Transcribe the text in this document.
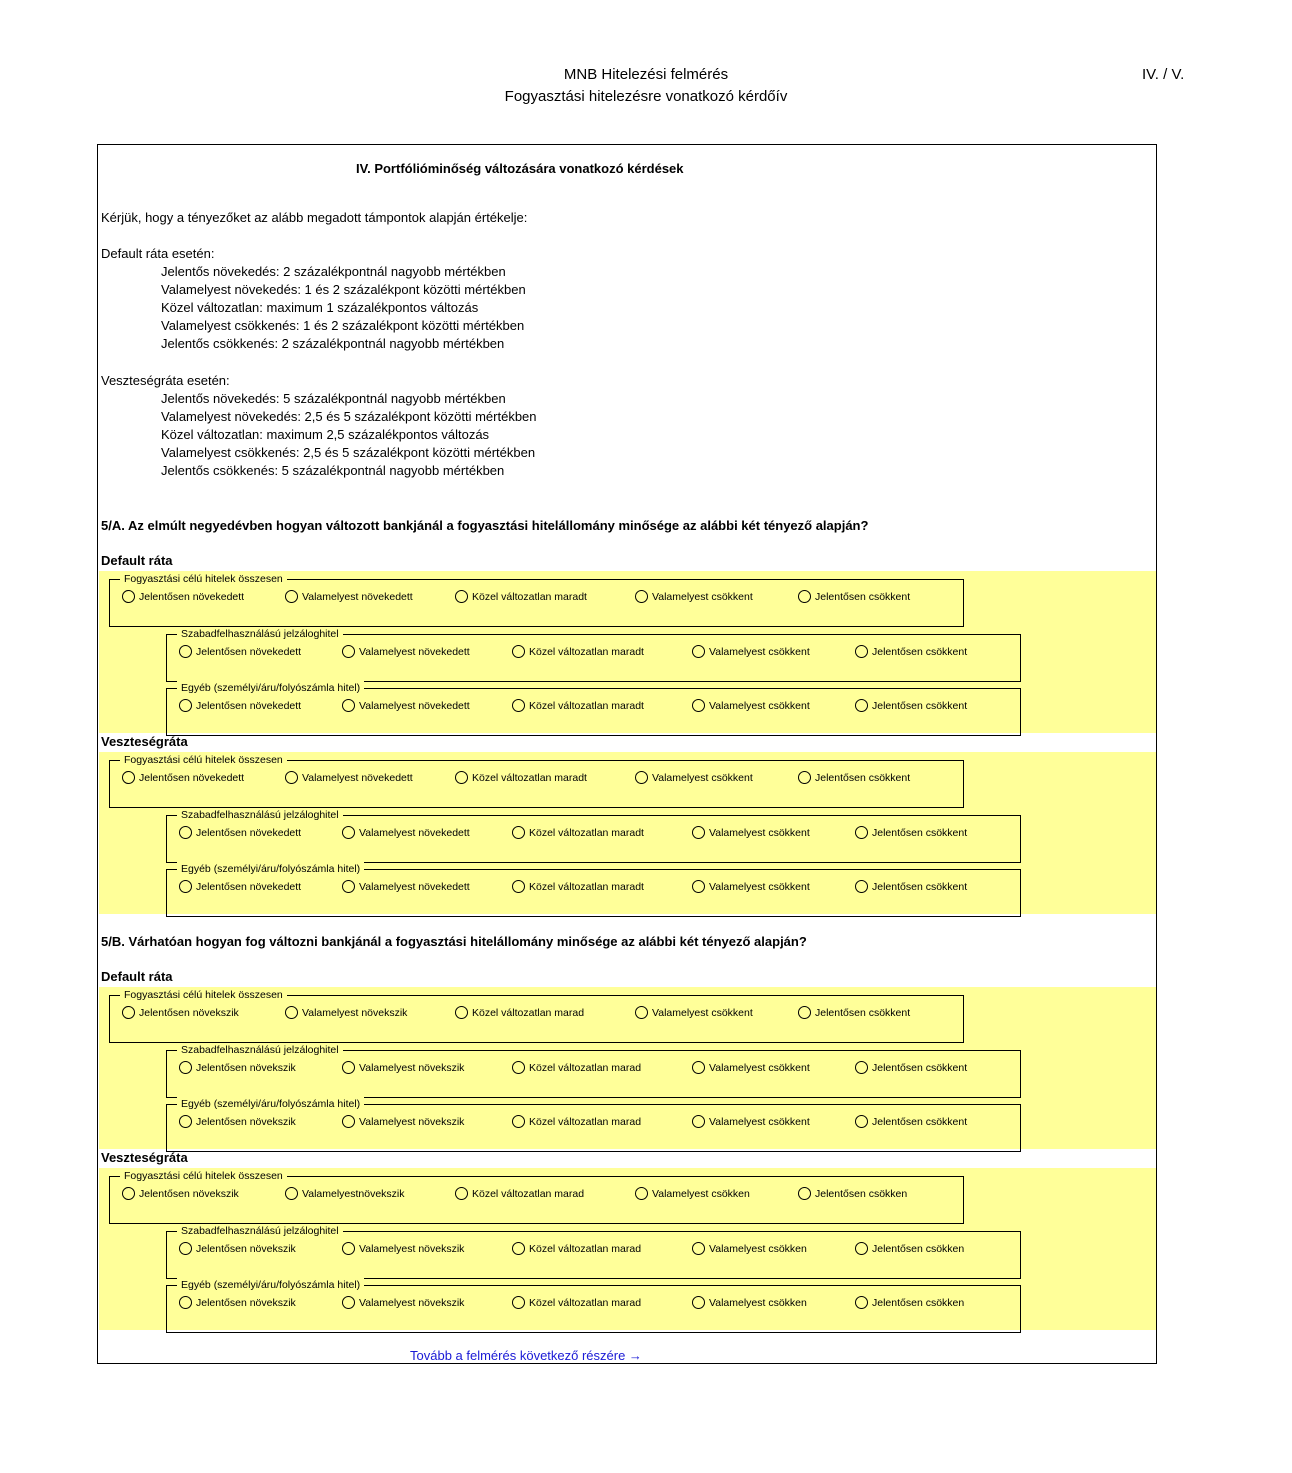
MNB Hitelezési felmérés
Fogyasztási hitelezésre vonatkozó kérdőív
IV. / V.
IV. Portfólióminőség változására vonatkozó kérdések
Kérjük, hogy a tényezőket az alább megadott támpontok alapján értékelje:
Default ráta esetén:
Jelentős növekedés: 2 százalékpontnál nagyobb mértékben
Valamelyest növekedés: 1 és 2 százalékpont közötti mértékben
Közel változatlan: maximum 1 százalékpontos változás
Valamelyest csökkenés: 1 és 2 százalékpont közötti mértékben
Jelentős csökkenés: 2 százalékpontnál nagyobb mértékben
Veszteségráta esetén:
Jelentős növekedés: 5 százalékpontnál nagyobb mértékben
Valamelyest növekedés: 2,5 és 5 százalékpont közötti mértékben
Közel változatlan: maximum 2,5 százalékpontos változás
Valamelyest csökkenés: 2,5 és 5 százalékpont közötti mértékben
Jelentős csökkenés: 5 százalékpontnál nagyobb mértékben
5/A. Az elmúlt negyedévben hogyan változott bankjánál a fogyasztási hitelállomány minősége az alábbi két tényező alapján?
Default ráta
Fogyasztási célú hitelek összesen
Jelentősen növekedett	Valamelyest növekedett	Közel változatlan maradt	Valamelyest csökkent	Jelentősen csökkent
Szabadfelhasználású jelzáloghitel
Jelentősen növekedett	Valamelyest növekedett	Közel változatlan maradt	Valamelyest csökkent	Jelentősen csökkent
Egyéb (személyi/áru/folyószámla hitel)
Jelentősen növekedett	Valamelyest növekedett	Közel változatlan maradt	Valamelyest csökkent	Jelentősen csökkent
Veszteségráta
Fogyasztási célú hitelek összesen
Jelentősen növekedett	Valamelyest növekedett	Közel változatlan maradt	Valamelyest csökkent	Jelentősen csökkent
Szabadfelhasználású jelzáloghitel
Jelentősen növekedett	Valamelyest növekedett	Közel változatlan maradt	Valamelyest csökkent	Jelentősen csökkent
Egyéb (személyi/áru/folyószámla hitel)
Jelentősen növekedett	Valamelyest növekedett	Közel változatlan maradt	Valamelyest csökkent	Jelentősen csökkent
5/B. Várhatóan hogyan fog változni bankjánál a fogyasztási hitelállomány minősége az alábbi két tényező alapján?
Default ráta
Fogyasztási célú hitelek összesen
Jelentősen növekszik	Valamelyest növekszik	Közel változatlan marad	Valamelyest csökkent	Jelentősen csökkent
Szabadfelhasználású jelzáloghitel
Jelentősen növekszik	Valamelyest növekszik	Közel változatlan marad	Valamelyest csökkent	Jelentősen csökkent
Egyéb (személyi/áru/folyószámla hitel)
Jelentősen növekszik	Valamelyest növekszik	Közel változatlan marad	Valamelyest csökkent	Jelentősen csökkent
Veszteségráta
Fogyasztási célú hitelek összesen
Jelentősen növekszik	Valamelyestnövekszik	Közel változatlan marad	Valamelyest csökken	Jelentősen csökken
Szabadfelhasználású jelzáloghitel
Jelentősen növekszik	Valamelyest növekszik	Közel változatlan marad	Valamelyest csökken	Jelentősen csökken
Egyéb (személyi/áru/folyószámla hitel)
Jelentősen növekszik	Valamelyest növekszik	Közel változatlan marad	Valamelyest csökken	Jelentősen csökken
Tovább a felmérés következő részére →
